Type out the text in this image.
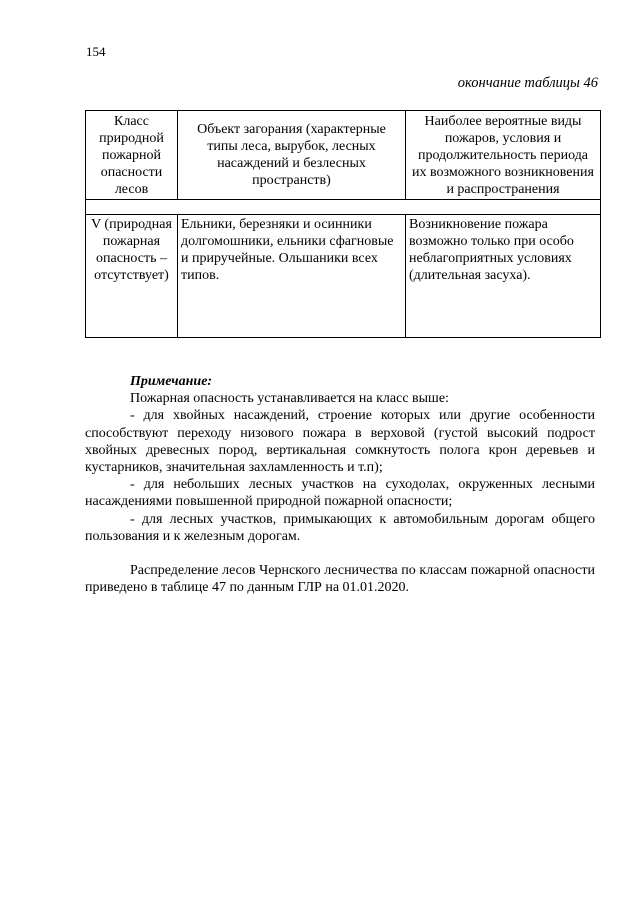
154
окончание таблицы 46
Класс природной пожарной опасности лесов	Объект загорания (характерные типы леса, вырубок, лесных насаждений и безлесных пространств)	Наиболее вероятные виды пожаров, условия и продолжительность периода их возможного возникновения и распространения

V (природная пожарная опасность – отсутствует)	Ельники, березняки и осинники долгомошники, ельники сфагновые и приручейные. Ольшаники всех типов.	Возникновение пожара возможно только при особо неблагоприятных условиях (длительная засуха).

Примечание:

Пожарная опасность устанавливается на класс выше:

- для хвойных насаждений, строение которых или другие особенности способствуют переходу низового пожара в верховой (густой высокий подрост хвойных древесных пород, вертикальная сомкнутость полога крон деревьев и кустарников, значительная захламленность и т.п);

- для небольших лесных участков на суходолах, окруженных лесными насаждениями повышенной природной пожарной опасности;

- для лесных участков, примыкающих к автомобильным дорогам общего пользования и к железным дорогам.

Распределение лесов Чернского лесничества по классам пожарной опасности приведено в таблице 47 по данным ГЛР на 01.01.2020.
